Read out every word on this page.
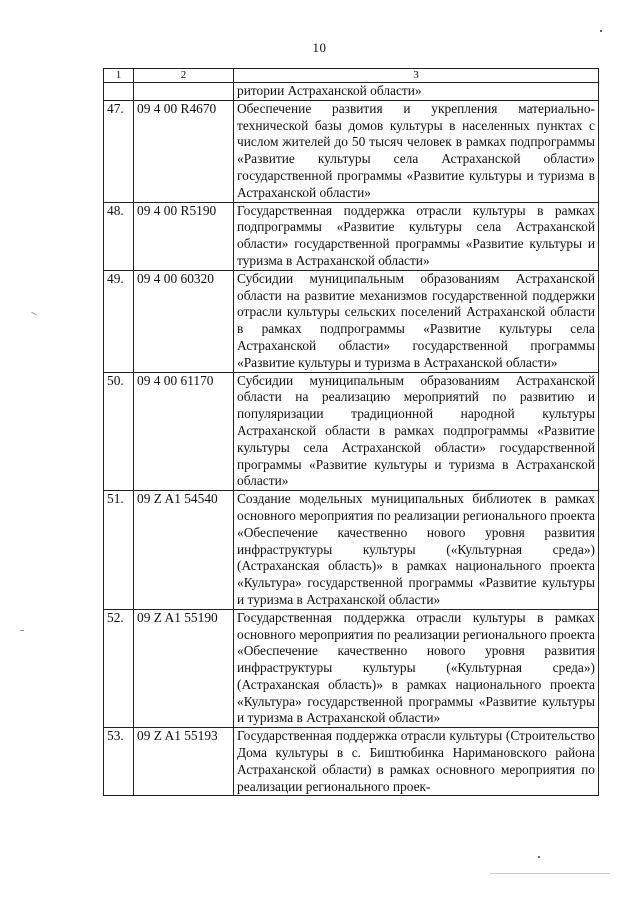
10
1	2	3
		ритории Астраханской области»
47.	09 4 00 R4670	Обеспечение развития и укрепления материально-технической базы домов культуры в населенных пунктах с числом жителей до 50 тысяч человек в рамках подпрограммы «Развитие культуры села Астраханской области» государственной программы «Развитие культуры и туризма в Астраханской области»
48.	09 4 00 R5190	Государственная поддержка отрасли культуры в рамках подпрограммы «Развитие культуры села Астраханской области» государственной программы «Развитие культуры и туризма в Астраханской области»
49.	09 4 00 60320	Субсидии муниципальным образованиям Астраханской области на развитие механизмов государственной поддержки отрасли культуры сельских поселений Астраханской области в рамках подпрограммы «Развитие культуры села Астраханской области» государственной программы «Развитие культуры и туризма в Астраханской области»
50.	09 4 00 61170	Субсидии муниципальным образованиям Астраханской области на реализацию мероприятий по развитию и популяризации традиционной народной культуры Астраханской области в рамках подпрограммы «Развитие культуры села Астраханской области» государственной программы «Развитие культуры и туризма в Астраханской области»
51.	09 Z A1 54540	Создание модельных муниципальных библиотек в рамках основного мероприятия по реализации регионального проекта «Обеспечение качественно нового уровня развития инфраструктуры культуры («Культурная среда») (Астраханская область)» в рамках национального проекта «Культура» государственной программы «Развитие культуры и туризма в Астраханской области»
52.	09 Z A1 55190	Государственная поддержка отрасли культуры в рамках основного мероприятия по реализации регионального проекта «Обеспечение качественно нового уровня развития инфраструктуры культуры («Культурная среда») (Астраханская область)» в рамках национального проекта «Культура» государственной программы «Развитие культуры и туризма в Астраханской области»
53.	09 Z A1 55193	Государственная поддержка отрасли культуры (Строительство Дома культуры в с. Биштюбинка Наримановского района Астраханской области) в рамках основного мероприятия по реализации регионального проек-
